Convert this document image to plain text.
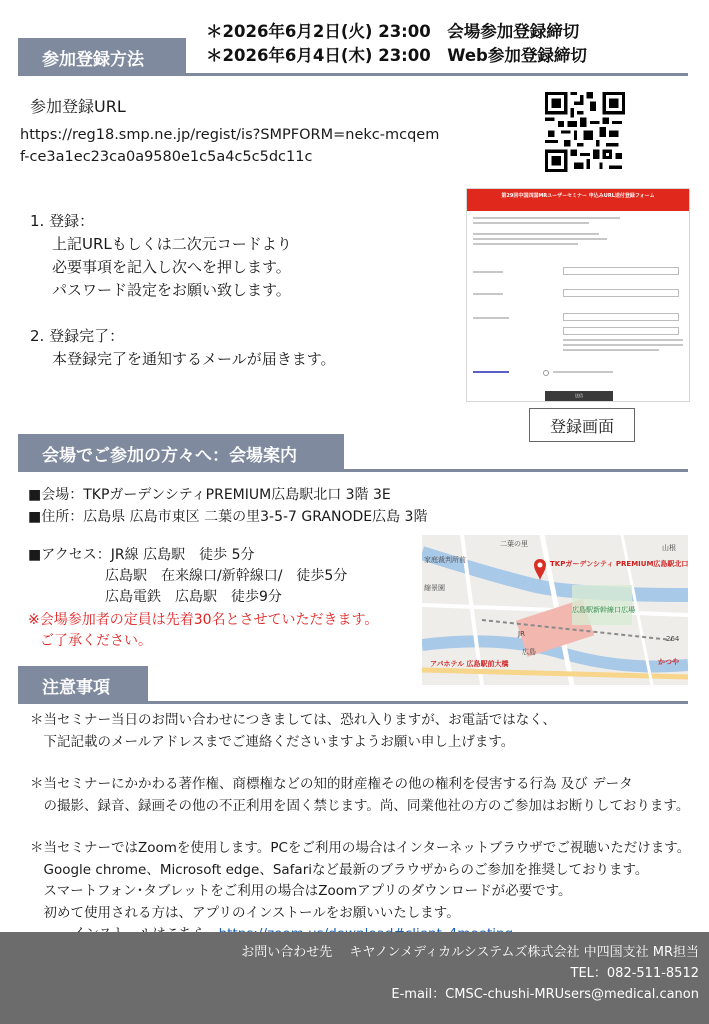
＊2026年6月2日(火) 23:00　会場参加登録締切
＊2026年6月4日(木) 23:00　Web参加登録締切
参加登録方法
参加登録URL
https://reg18.smp.ne.jp/regist/is?SMPFORM=nekc-mcqemf-ce3a1ec23ca0a9580e1c5a4c5c5dc11c
1. 登録：
上記URLもしくは二次元コードより
必要事項を記入し次へを押します。
パスワード設定をお願い致します。
2. 登録完了：
本登録完了を通知するメールが届きます。
第29回中国四国MRユーザーセミナー 申込みURL送付登録フォーム
送信
登録画面
会場でご参加の方々へ：会場案内
■会場：TKPガーデンシティPREMIUM広島駅北口 3階 3E
■住所：広島県 広島市東区 二葉の里3-5-7 GRANODE広島 3階
■アクセス：JR線 広島駅　徒歩 5分
広島駅　在来線口/新幹線口/　徒歩5分
広島電鉄　広島駅　徒歩9分
※会場参加者の定員は先着30名とさせていただきます。
ご了承ください。
TKPガーデンシティ PREMIUM広島駅北口
広島駅新幹線口広場
二葉の里
広島
JR
家庭裁判所前
アパホテル 広島駅前大橋
縮景園
山根
かつや
264
注意事項

＊当セミナー当日のお問い合わせにつきましては、恐れ入りますが、お電話ではなく、
　下記記載のメールアドレスまでご連絡くださいますようお願い申し上げます。

＊当セミナーにかかわる著作権、商標権などの知的財産権その他の権利を侵害する行為 及び データ
　の撮影、録音、録画その他の不正利用を固く禁じます。尚、同業他社の方のご参加はお断りしております。

＊当セミナーではZoomを使用します。PCをご利用の場合はインターネットブラウザでご視聴いただけます。
　Google chrome、Microsoft edge、Safariなど最新のブラウザからのご参加を推奨しております。
　スマートフォン･タブレットをご利用の場合はZoomアプリのダウンロードが必要です。
　初めて使用される方は、アプリのインストールをお願いいたします。

お問い合わせ先　 キヤノンメディカルシステムズ株式会社 中四国支社 MR担当
TEL：082-511-8512
E-mail：CMSC-chushi-MRUsers@medical.canon
